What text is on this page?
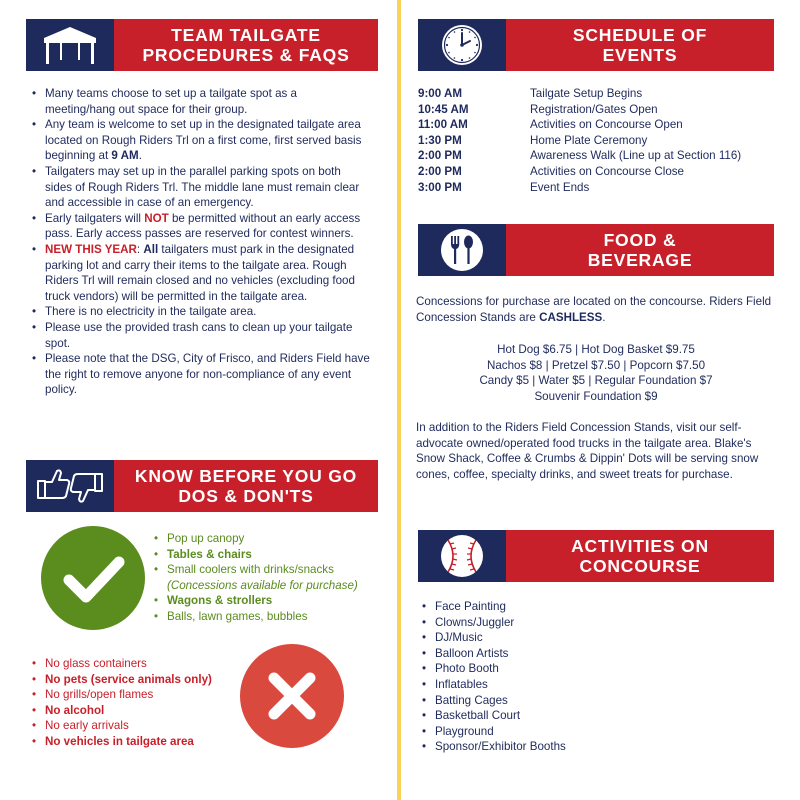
TEAM TAILGATE
PROCEDURES & FAQS
• Many teams choose to set up a tailgate spot as a meeting/hang out space for their group.
• Any team is welcome to set up in the designated tailgate area located on Rough Riders Trl on a first come, first served basis beginning at 9 AM.
• Tailgaters may set up in the parallel parking spots on both sides of Rough Riders Trl. The middle lane must remain clear and accessible in case of an emergency.
• Early tailgaters will NOT be permitted without an early access pass. Early access passes are reserved for contest winners.
• NEW THIS YEAR: All tailgaters must park in the designated parking lot and carry their items to the tailgate area. Rough Riders Trl will remain closed and no vehicles (excluding food truck vendors) will be permitted in the tailgate area.
• There is no electricity in the tailgate area.
• Please use the provided trash cans to clean up your tailgate spot.
• Please note that the DSG, City of Frisco, and Riders Field have the right to remove anyone for non-compliance of any event policy.
KNOW BEFORE YOU GO
DOS & DON'TS
• Pop up canopy
• Tables & chairs
• Small coolers with drinks/snacks
(Concessions available for purchase)
• Wagons & strollers
• Balls, lawn games, bubbles
• No glass containers
• No pets (service animals only)
• No grills/open flames
• No alcohol
• No early arrivals
• No vehicles in tailgate area
SCHEDULE OF
EVENTS
9:00 AM	Tailgate Setup Begins
10:45 AM	Registration/Gates Open
11:00 AM	Activities on Concourse Open
1:30 PM	Home Plate Ceremony
2:00 PM	Awareness Walk (Line up at Section 116)
2:00 PM	Activities on Concourse Close
3:00 PM	Event Ends
FOOD &
BEVERAGE

Concessions for purchase are located on the concourse. Riders Field Concession Stands are CASHLESS.

Hot Dog $6.75 | Hot Dog Basket $9.75
Nachos $8 | Pretzel $7.50 | Popcorn $7.50
Candy $5 | Water $5 | Regular Foundation $7
Souvenir Foundation $9

In addition to the Riders Field Concession Stands, visit our self-advocate owned/operated food trucks in the tailgate area. Blake's Snow Shack, Coffee & Crumbs & Dippin' Dots will be serving snow cones, coffee, specialty drinks, and sweet treats for purchase.

ACTIVITIES ON
CONCOURSE
• Face Painting
• Clowns/Juggler
• DJ/Music
• Balloon Artists
• Photo Booth
• Inflatables
• Batting Cages
• Basketball Court
• Playground
• Sponsor/Exhibitor Booths
